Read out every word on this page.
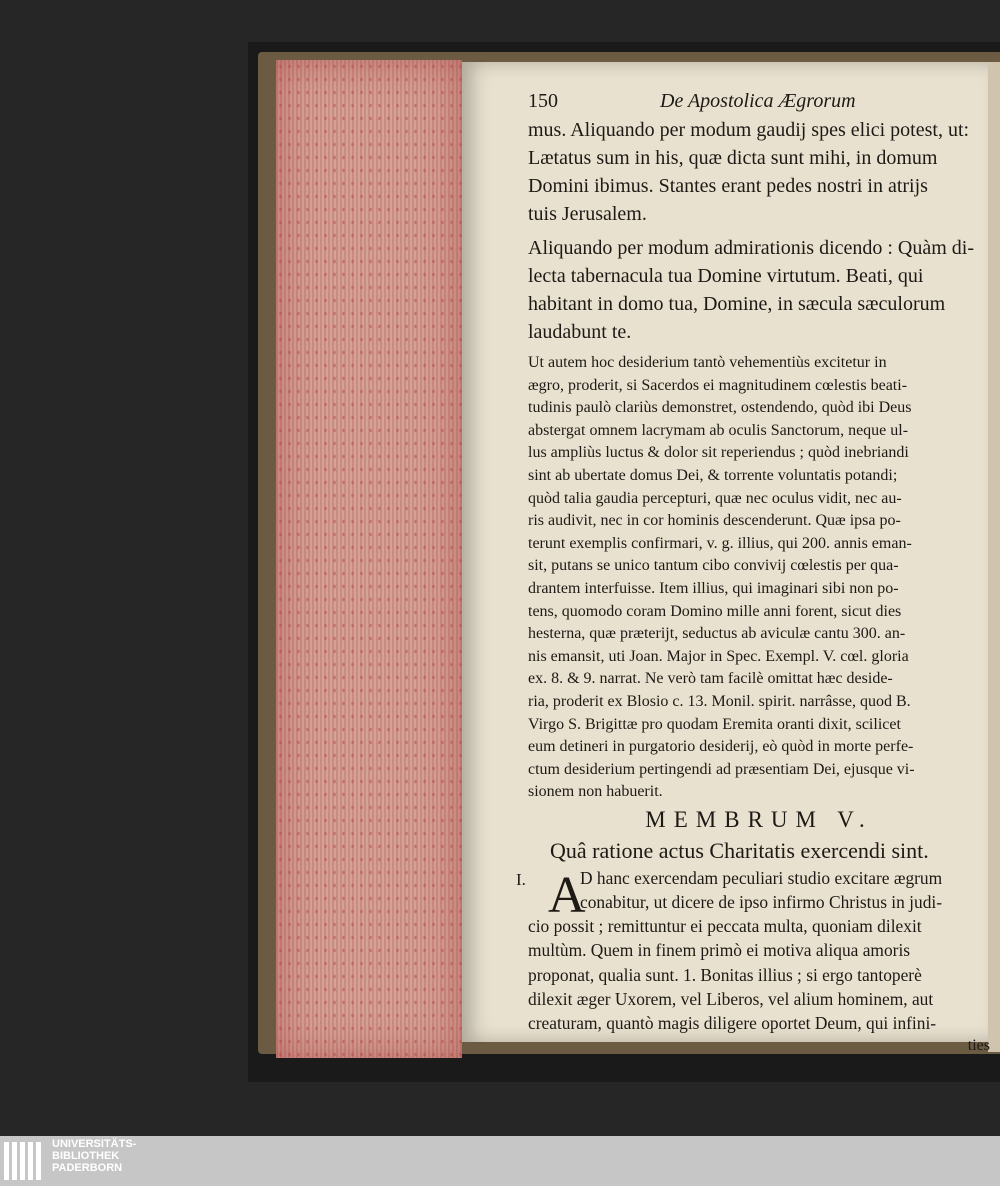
150	De Apostolica Ægrorum
mus. Aliquando per modum gaudij spes elici potest, ut:
Lætatus sum in his, quæ dicta sunt mihi, in domum
Domini ibimus. Stantes erant pedes nostri in atrijs
tuis Jerusalem.
Aliquando per modum admirationis dicendo : Quàm di-
lecta tabernacula tua Domine virtutum. Beati, qui
habitant in domo tua, Domine, in sæcula sæculorum
laudabunt te.
Ut autem hoc desiderium tantò vehementiùs excitetur in
ægro, proderit, si Sacerdos ei magnitudinem cœlestis beati-
tudinis paulò clariùs demonstret, ostendendo, quòd ibi Deus
abstergat omnem lacrymam ab oculis Sanctorum, neque ul-
lus ampliùs luctus & dolor sit reperiendus ; quòd inebriandi
sint ab ubertate domus Dei, & torrente voluntatis potandi;
quòd talia gaudia percepturi, quæ nec oculus vidit, nec au-
ris audivit, nec in cor hominis descenderunt. Quæ ipsa po-
terunt exemplis confirmari, v. g. illius, qui 200. annis eman-
sit, putans se unico tantum cibo convivij cœlestis per qua-
drantem interfuisse. Item illius, qui imaginari sibi non po-
tens, quomodo coram Domino mille anni forent, sicut dies
hesterna, quæ præterijt, seductus ab aviculæ cantu 300. an-
nis emansit, uti Joan. Major in Spec. Exempl. V. cœl. gloria
ex. 8. & 9. narrat. Ne verò tam facilè omittat hæc deside-
ria, proderit ex Blosio c. 13. Monil. spirit. narrâsse, quod B.
Virgo S. Brigittæ pro quodam Eremita oranti dixit, scilicet
eum detineri in purgatorio desiderij, eò quòd in morte perfe-
ctum desiderium pertingendi ad præsentiam Dei, ejusque vi-
sionem non habuerit.
MEMBRUM V.
Quâ ratione actus Charitatis exercendi sint.
I. A
D hanc exercendam peculiari studio excitare ægrum
conabitur, ut dicere de ipso infirmo Christus in judi-
cio possit ; remittuntur ei peccata multa, quoniam dilexit
multùm. Quem in finem primò ei motiva aliqua amoris
proponat, qualia sunt. 1. Bonitas illius ; si ergo tantoperè
dilexit æger Uxorem, vel Liberos, vel alium hominem, aut
creaturam, quantò magis diligere oportet Deum, qui infini-
ties
UNIVERSITÄTS-
BIBLIOTHEK
PADERBORN
